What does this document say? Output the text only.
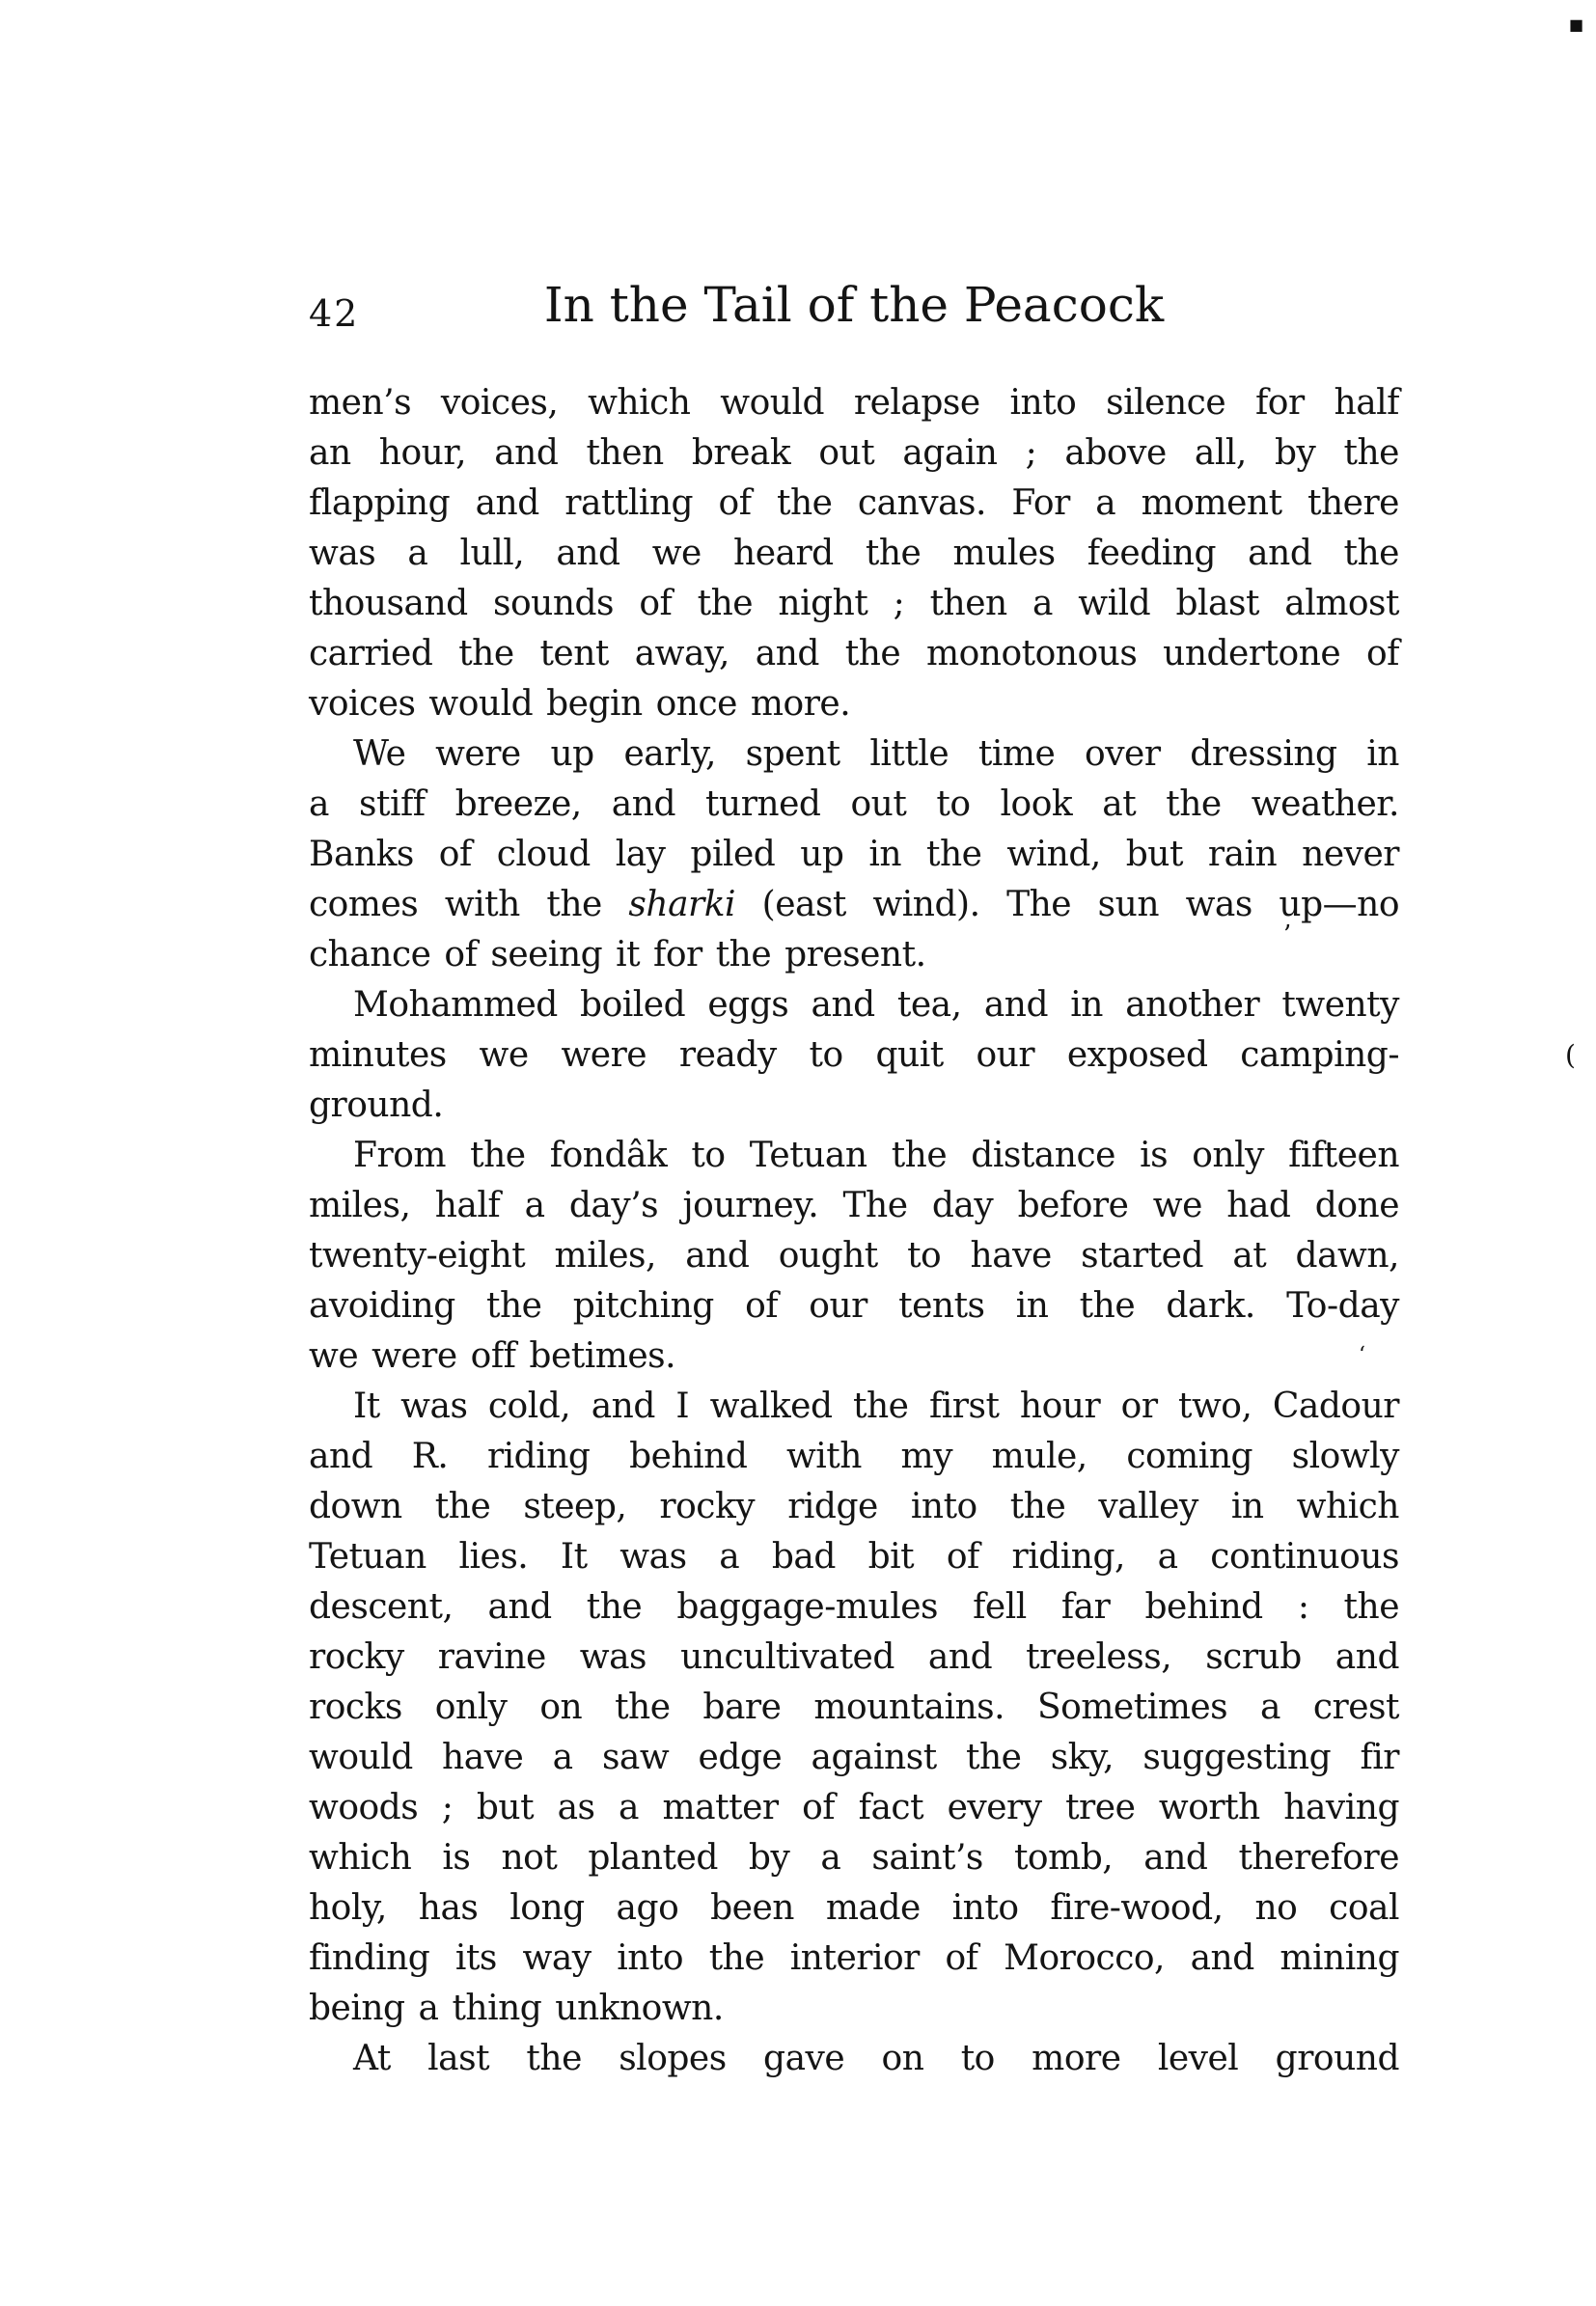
42	In the Tail of the Peacock
men’s voices, which would relapse into silence for half
an hour, and then break out again ; above all, by the
flapping and rattling of the canvas. For a moment there
was a lull, and we heard the mules feeding and the
thousand sounds of the night ; then a wild blast almost
carried the tent away, and the monotonous undertone of
voices would begin once more.
We were up early, spent little time over dressing in
a stiff breeze, and turned out to look at the weather.
Banks of cloud lay piled up in the wind, but rain never
comes with the sharki (east wind). The sun was up—no
chance of seeing it for the present.
Mohammed boiled eggs and tea, and in another twenty
minutes we were ready to quit our exposed camping-
ground.
From the fondâk to Tetuan the distance is only fifteen
miles, half a day’s journey. The day before we had done
twenty-eight miles, and ought to have started at dawn,
avoiding the pitching of our tents in the dark. To-day
we were off betimes.
It was cold, and I walked the first hour or two, Cadour
and R. riding behind with my mule, coming slowly
down the steep, rocky ridge into the valley in which
Tetuan lies. It was a bad bit of riding, a continuous
descent, and the baggage-mules fell far behind : the
rocky ravine was uncultivated and treeless, scrub and
rocks only on the bare mountains. Sometimes a crest
would have a saw edge against the sky, suggesting fir
woods ; but as a matter of fact every tree worth having
which is not planted by a saint’s tomb, and therefore
holy, has long ago been made into fire-wood, no coal
finding its way into the interior of Morocco, and mining
being a thing unknown.
At last the slopes gave on to more level ground
■
’
(
‘
